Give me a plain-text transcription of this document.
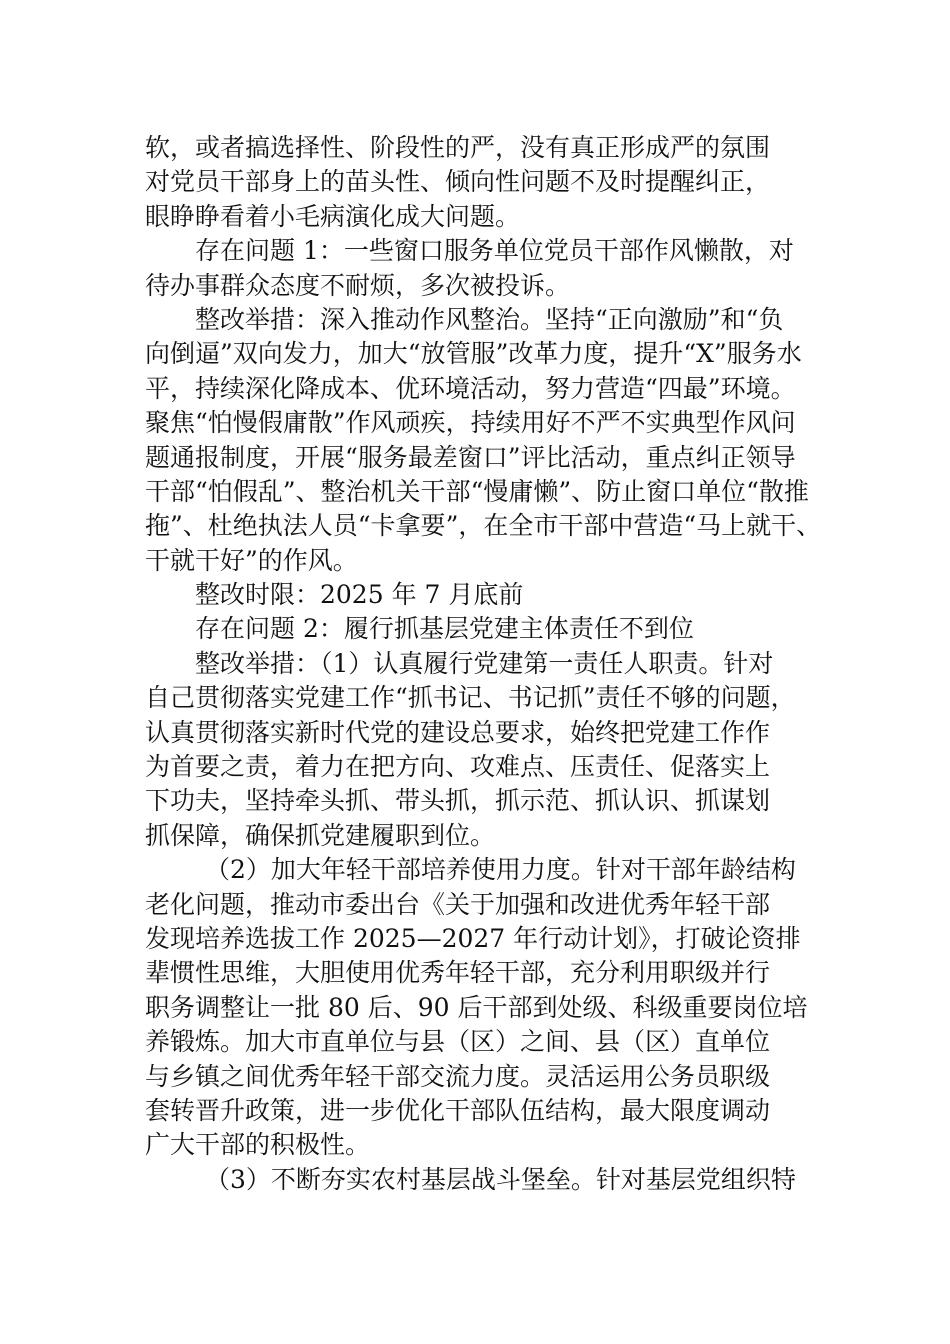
软，或者搞选择性、阶段性的严，没有真正形成严的氛围
对党员干部身上的苗头性、倾向性问题不及时提醒纠正，
眼睁睁看着小毛病演化成大问题。
存在问题 1：一些窗口服务单位党员干部作风懒散，对
待办事群众态度不耐烦，多次被投诉。
整改举措：深入推动作风整治。坚持“正向激励”和“负
向倒逼”双向发力，加大“放管服”改革力度，提升“X”服务水
平，持续深化降成本、优环境活动，努力营造“四最”环境。
聚焦“怕慢假庸散”作风顽疾，持续用好不严不实典型作风问
题通报制度，开展“服务最差窗口”评比活动，重点纠正领导
干部“怕假乱”、整治机关干部“慢庸懒”、防止窗口单位“散推
拖”、杜绝执法人员“卡拿要”，在全市干部中营造“马上就干、
干就干好”的作风。
整改时限：2025 年 7 月底前
存在问题 2：履行抓基层党建主体责任不到位
整改举措：（1）认真履行党建第一责任人职责。针对
自己贯彻落实党建工作“抓书记、书记抓”责任不够的问题，
认真贯彻落实新时代党的建设总要求，始终把党建工作作
为首要之责，着力在把方向、攻难点、压责任、促落实上
下功夫，坚持牵头抓、带头抓，抓示范、抓认识、抓谋划
抓保障，确保抓党建履职到位。
（2）加大年轻干部培养使用力度。针对干部年龄结构
老化问题，推动市委出台《关于加强和改进优秀年轻干部
发现培养选拔工作 2025—2027 年行动计划》，打破论资排
辈惯性思维，大胆使用优秀年轻干部，充分利用职级并行
职务调整让一批 80 后、90 后干部到处级、科级重要岗位培
养锻炼。加大市直单位与县（区）之间、县（区）直单位
与乡镇之间优秀年轻干部交流力度。灵活运用公务员职级
套转晋升政策，进一步优化干部队伍结构，最大限度调动
广大干部的积极性。
（3）不断夯实农村基层战斗堡垒。针对基层党组织特
